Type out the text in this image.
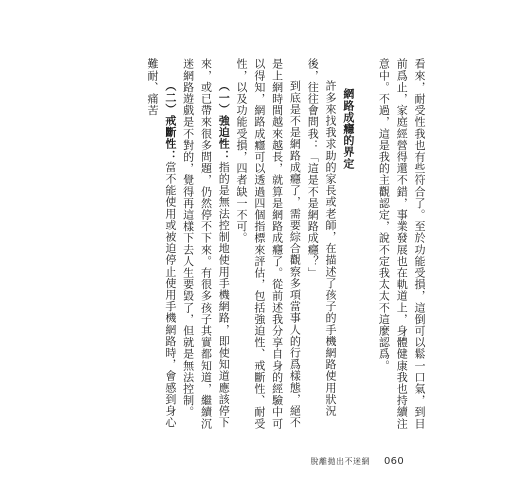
看來，耐受性我也有些符合了。至於功能受損，這倒可以鬆一口氣，到目前爲止，家庭經營得還不錯，事業發展也在軌道上，身體健康我也持續注意中。不過，這是我的主觀認定，說不定我太太不這麼認爲。

網路成癮的界定

許多來找我求助的家長或老師，在描述了孩子的手機網路使用狀況後，往往會問我：「這是不是網路成癮？」

到底是不是網路成癮了，需要綜合觀察多項當事人的行爲樣態，絕不是上網時間越來越長，就算是網路成癮了。從前述我分享自身的經驗中可以得知，網路成癮可以透過四個指標來評估，包括強迫性、戒斷性、耐受性，以及功能受損，四者缺一不可。

（一）強迫性：指的是無法控制地使用手機網路，即使知道應該停下來，或已帶來很多問題，仍然停不下來。有很多孩子其實都知道，繼續沉迷網路遊戲是不對的，覺得再這樣下去人生要毀了，但就是無法控制。

（二）戒斷性：當不能使用或被迫停止使用手機網路時，會感到身心難耐、痛苦

脫離拋出不迷網 060
